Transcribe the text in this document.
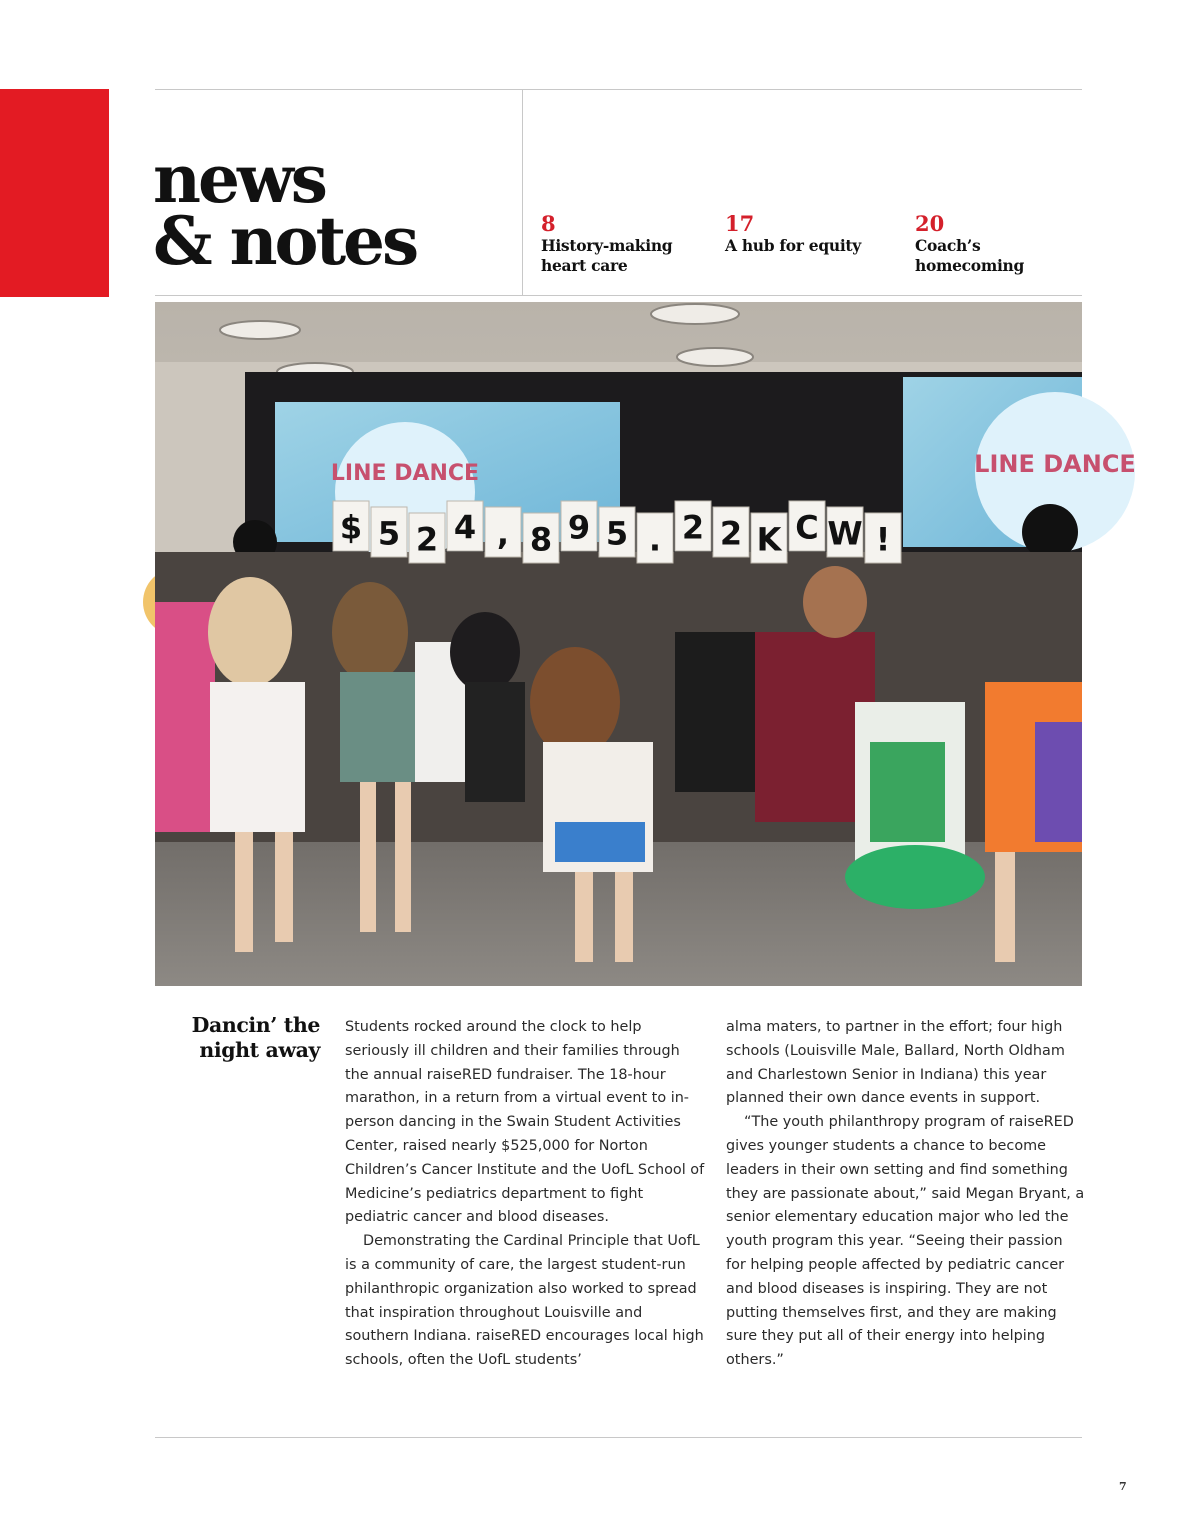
news
& notes	8
History-making heart care
17
A hub for equity
20
Coach’s homecoming
LINE DANCE	LINE DANCE
$ 5 2 4 , 8 9 5 . 2 2 K C W !
Dancin’ the night away

Students rocked around the clock to help seriously ill children and their families through the annual raiseRED fundraiser. The 18-hour marathon, in a return from a virtual event to in-person dancing in the Swain Student Activities Center, raised nearly $525,000 for Norton Children’s Cancer Institute and the UofL School of Medicine’s pediatrics department to fight pediatric cancer and blood diseases.

Demonstrating the Cardinal Principle that UofL is a community of care, the largest student-run philanthropic organization also worked to spread that inspiration throughout Louisville and southern Indiana. raiseRED encourages local high schools, often the UofL students’

alma maters, to partner in the effort; four high schools (Louisville Male, Ballard, North Oldham and Charlestown Senior in Indiana) this year planned their own dance events in support.

“The youth philanthropy program of raiseRED gives younger students a chance to become leaders in their own setting and find something they are passionate about,” said Megan Bryant, a senior elementary education major who led the youth program this year. “Seeing their passion for helping people affected by pediatric cancer and blood diseases is inspiring. They are not putting themselves first, and they are making sure they put all of their energy into helping others.”

7
